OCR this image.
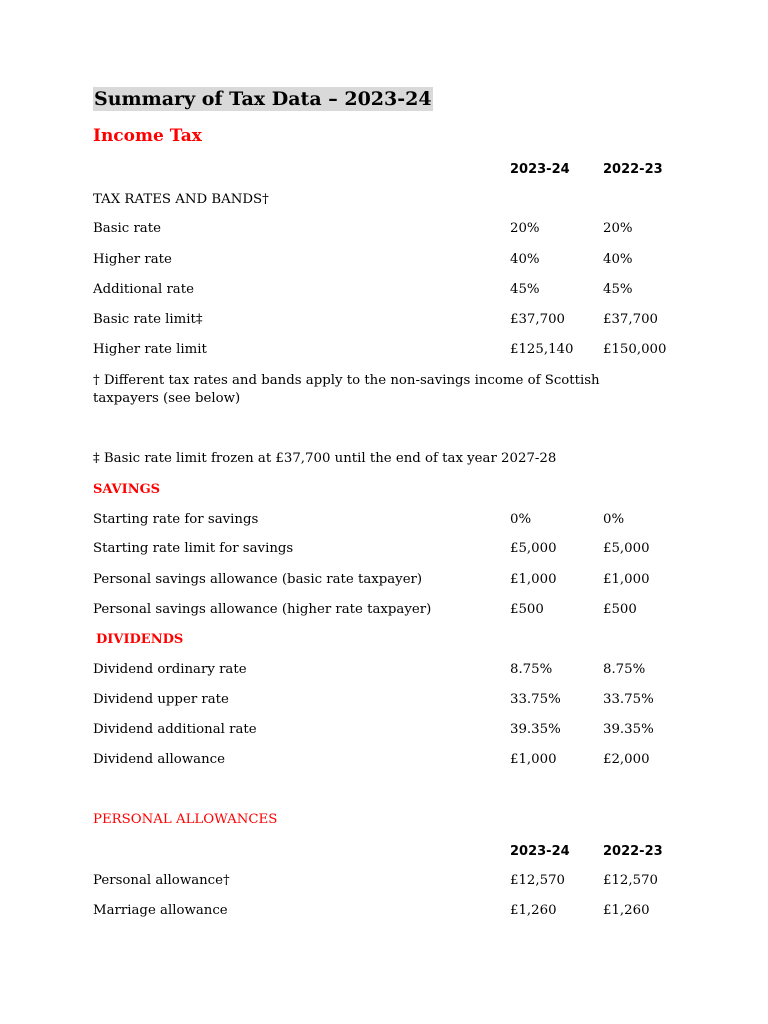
Summary of Tax Data – 2023-24
Income Tax
2023-24	2022-23
TAX RATES AND BANDS†
Basic rate	20%	20%
Higher rate	40%	40%
Additional rate	45%	45%
Basic rate limit‡	£37,700	£37,700
Higher rate limit	£125,140 £150,000
† Different tax rates and bands apply to the non-savings income of Scottish taxpayers (see below)
‡ Basic rate limit frozen at £37,700 until the end of tax year 2027-28
SAVINGS
Starting rate for savings	0%	0%
Starting rate limit for savings	£5,000	£5,000
Personal savings allowance (basic rate taxpayer)	£1,000	£1,000
Personal savings allowance (higher rate taxpayer)	£500	£500
DIVIDENDS
Dividend ordinary rate	8.75%	8.75%
Dividend upper rate	33.75%	33.75%
Dividend additional rate	39.35%	39.35%
Dividend allowance	£1,000	£2,000
PERSONAL ALLOWANCES
2023-24	2022-23
Personal allowance†	£12,570	£12,570
Marriage allowance	£1,260	£1,260
